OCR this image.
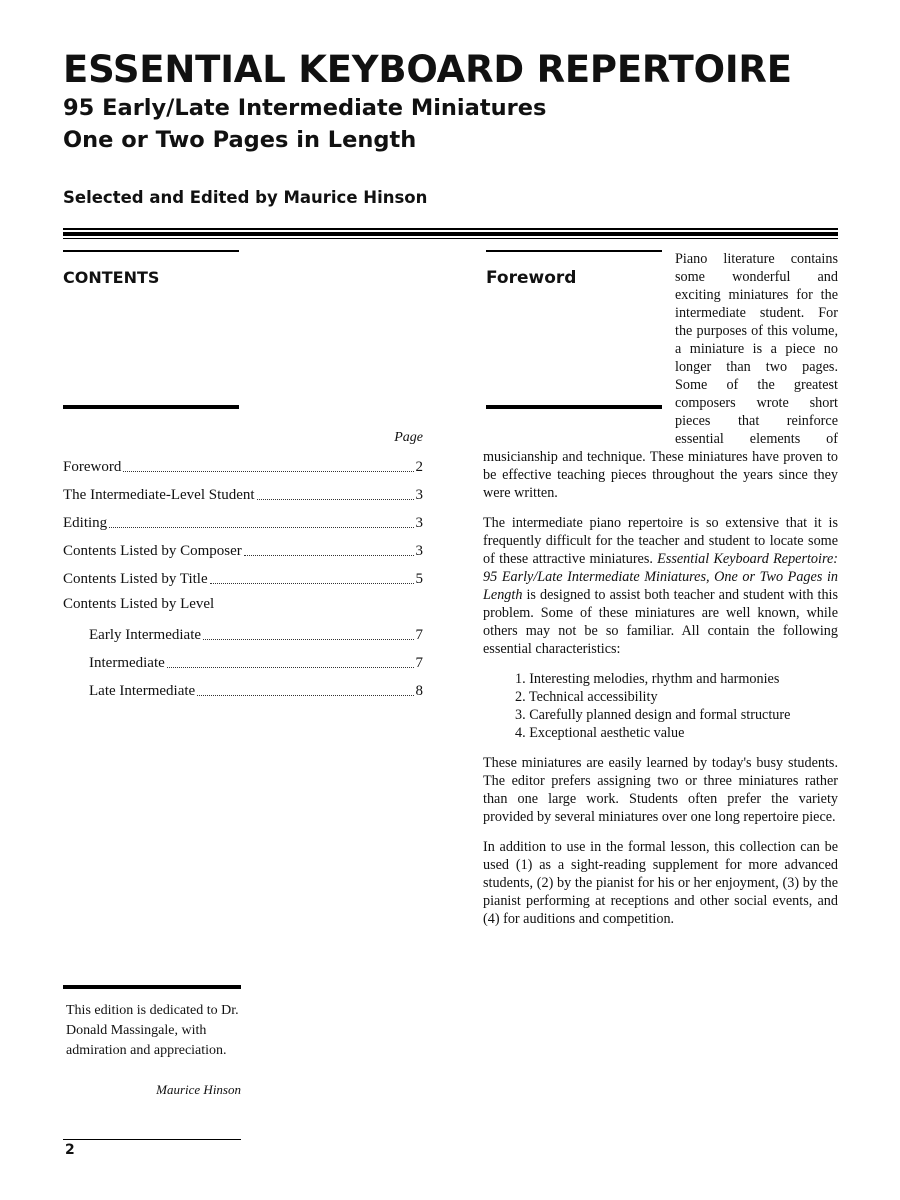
ESSENTIAL KEYBOARD REPERTOIRE
95 Early/Late Intermediate Miniatures
One or Two Pages in Length

Selected and Edited by Maurice Hinson

CONTENTS
Page
Foreword	2
The Intermediate-Level Student	3
Editing	3
Contents Listed by Composer	3
Contents Listed by Title	5
Contents Listed by Level
Early Intermediate	7
Intermediate	7
Late Intermediate	8
Foreword

Piano literature contains some wonderful and exciting miniatures for the intermediate student. For the purposes of this volume, a miniature is a piece no longer than two pages. Some of the greatest composers wrote short pieces that reinforce essential elements of musicianship and technique. These miniatures have proven to be effective teaching pieces throughout the years since they were written.

The intermediate piano repertoire is so extensive that it is frequently difficult for the teacher and student to locate some of these attractive miniatures. Essential Keyboard Repertoire: 95 Early/Late Intermediate Miniatures, One or Two Pages in Length is designed to assist both teacher and student with this problem. Some of these miniatures are well known, while others may not be so familiar. All contain the following essential characteristics:

1. Interesting melodies, rhythm and harmonies
2. Technical accessibility
3. Carefully planned design and formal structure
4. Exceptional aesthetic value

These miniatures are easily learned by today's busy students. The editor prefers assigning two or three miniatures rather than one large work. Students often prefer the variety provided by several miniatures over one long repertoire piece.

In addition to use in the formal lesson, this collection can be used (1) as a sight-reading supplement for more advanced students, (2) by the pianist for his or her enjoyment, (3) by the pianist performing at receptions and other social events, and (4) for auditions and competition.

This edition is dedicated to Dr. Donald Massingale, with admiration and appreciation.
Maurice Hinson

2
